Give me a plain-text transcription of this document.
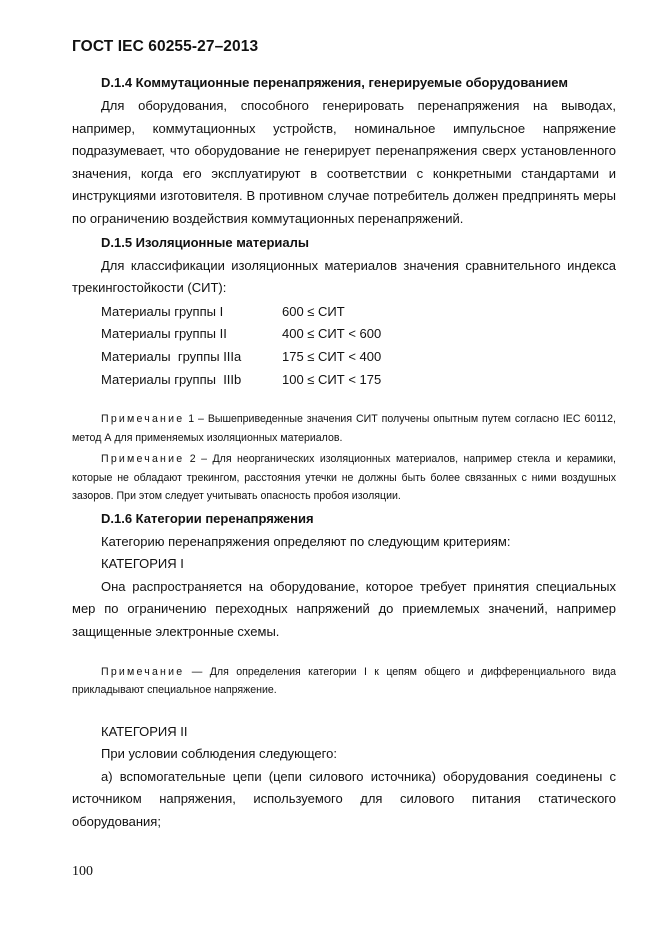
ГОСТ IEC 60255-27–2013

D.1.4 Коммутационные перенапряжения, генерируемые оборудованием

Для оборудования, способного генерировать перенапряжения на выводах, например, коммутационных устройств, номинальное импульсное напряжение подразумевает, что оборудование не генерирует перенапряжения сверх установленного значения, когда его эксплуатируют в соответствии с конкретными стандартами и инструкциями изготовителя. В противном случае потребитель должен предпринять меры по ограничению воздействия коммутационных перенапряжений.

D.1.5 Изоляционные материалы

Для классификации изоляционных материалов значения сравнительного индекса трекингостойкости (СИТ):

Материалы группы I	600 ≤ СИТ
Материалы группы II	400 ≤ СИТ < 600
Материалы  группы IIIa	175 ≤ СИТ < 400
Материалы группы  IIIb	100 ≤ СИТ < 175

Примечание 1 – Вышеприведенные значения СИТ получены опытным путем согласно IEC 60112, метод А для применяемых изоляционных материалов.

Примечание 2 – Для неорганических изоляционных материалов, например стекла и керамики, которые не обладают трекингом, расстояния утечки не должны быть более связанных с ними воздушных зазоров. При этом следует учитывать опасность пробоя изоляции.

D.1.6 Категории перенапряжения

Категорию перенапряжения определяют по следующим критериям:

КАТЕГОРИЯ I

Она распространяется на оборудование, которое требует принятия специальных мер по ограничению переходных напряжений до приемлемых значений, например защищенные электронные схемы.

Примечание — Для определения категории I к цепям общего и дифференциального вида прикладывают специальное напряжение.

КАТЕГОРИЯ II

При условии соблюдения следующего:

а) вспомогательные цепи (цепи силового источника) оборудования соединены с источником напряжения, используемого для силового питания статического оборудования;

100
